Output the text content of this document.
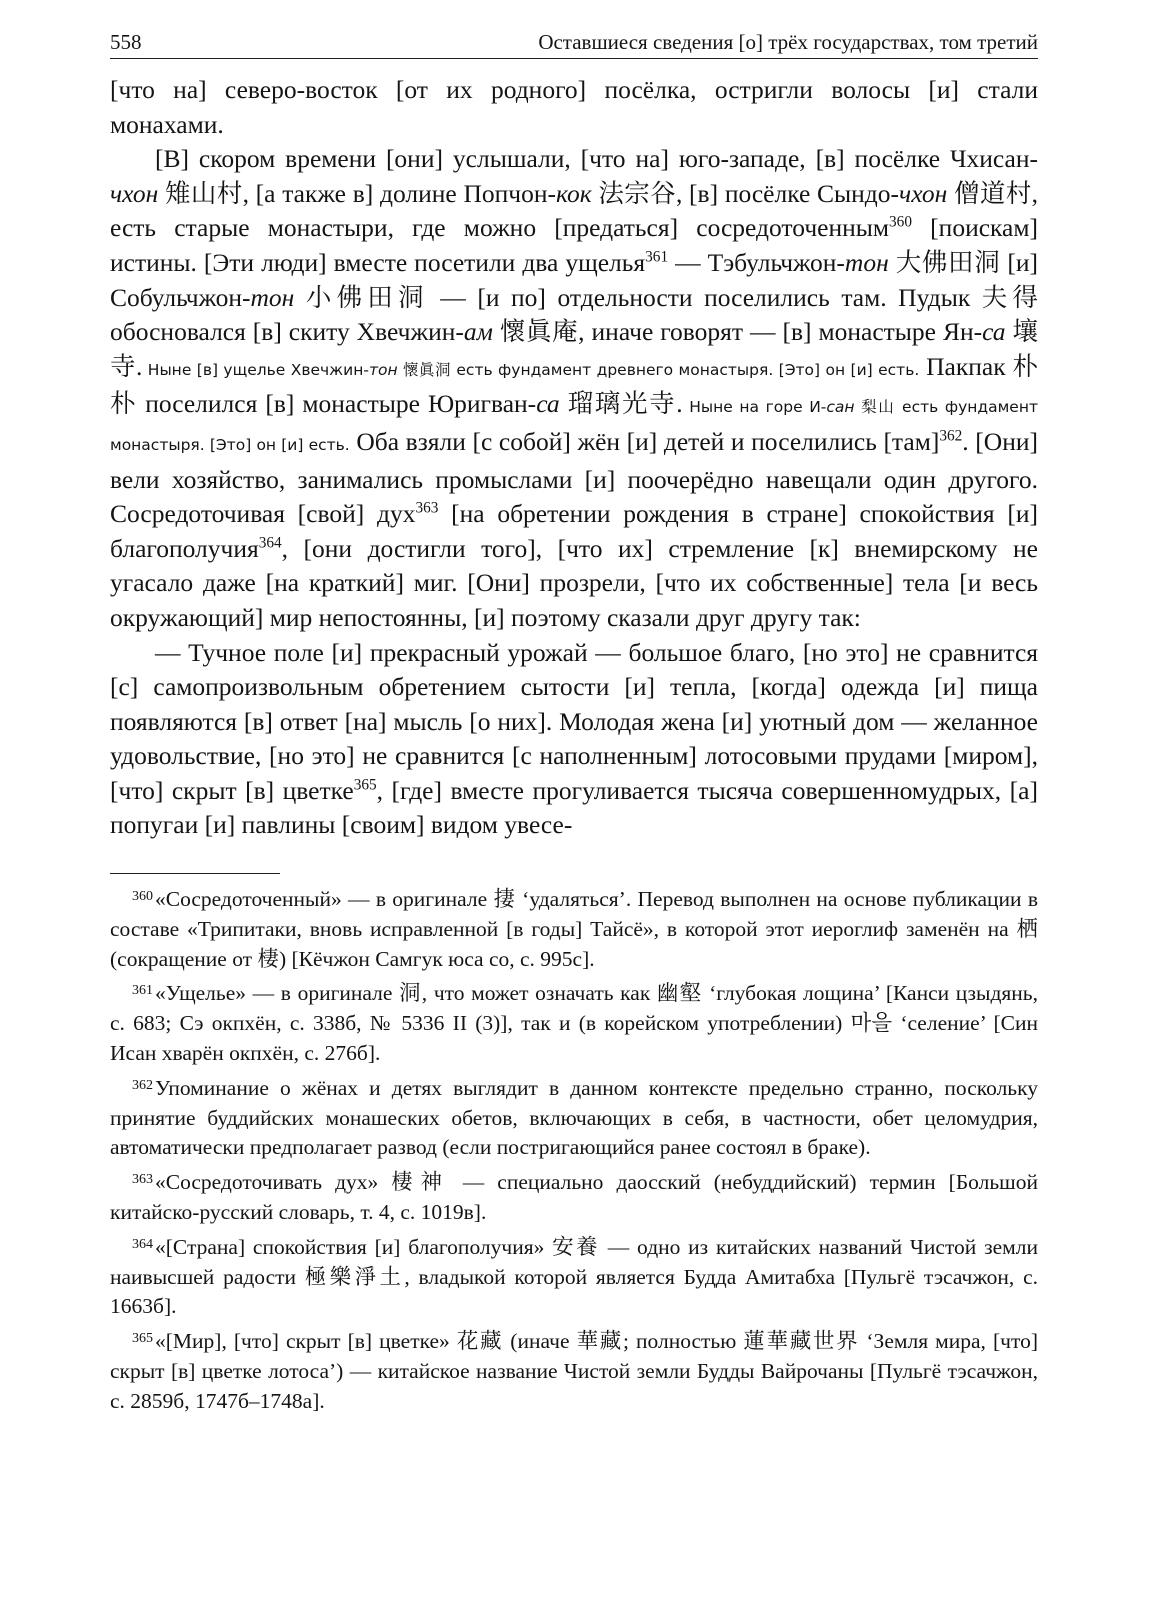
558	Оставшиеся сведения [о] трёх государствах, том третий

[что на] северо-восток [от их родного] посёлка, остригли волосы [и] стали монахами.

[В] скором времени [они] услышали, [что на] юго-западе, [в] посёлке Чхисан-чхон 雉山村, [а также в] долине Попчон-кок 法宗谷, [в] посёлке Сындо-чхон 僧道村, есть старые монастыри, где можно [предаться] сосредоточенным$^{360}$ [поискам] истины. [Эти люди] вместе посетили два ущелья$^{361}$ — Тэбульчжон-тон 大佛田洞 [и] Собульчжон-тон 小佛田洞 — [и по] отдельности поселились там. Пудык 夫得 обосновался [в] скиту Хвечжин-ам 懷眞庵, иначе говорят — [в] монастыре Ян-са 壤寺. Ныне [в] ущелье Хвечжин-тон 懷眞洞 есть фундамент древнего монастыря. [Это] он [и] есть. Пакпак 朴朴 поселился [в] монастыре Юригван-са 瑠璃光寺. Ныне на горе И-сан 梨山 есть фундамент монастыря. [Это] он [и] есть. Оба взяли [с собой] жён [и] детей и поселились [там]$^{362}$. [Они] вели хозяйство, занимались промыслами [и] поочерёдно навещали один другого. Сосредоточивая [свой] дух$^{363}$ [на обретении рождения в стране] спокойствия [и] благополучия$^{364}$, [они достигли того], [что их] стремление [к] внемирскому не угасало даже [на краткий] миг. [Они] прозрели, [что их собственные] тела [и весь окружающий] мир непостоянны, [и] поэтому сказали друг другу так:

— Тучное поле [и] прекрасный урожай — большое благо, [но это] не сравнится [с] самопроизвольным обретением сытости [и] тепла, [когда] одежда [и] пища появляются [в] ответ [на] мысль [о них]. Молодая жена [и] уютный дом — желанное удовольствие, [но это] не сравнится [с наполненным] лотосовыми прудами [миром], [что] скрыт [в] цветке$^{365}$, [где] вместе прогуливается тысяча совершенномудрых, [а] попугаи [и] павлины [своим] видом увесе-

$^{360}$«Сосредоточенный» — в оригинале 捿 ‘удаляться’. Перевод выполнен на основе публикации в составе «Трипитаки, вновь исправленной [в годы] Тайсё», в которой этот иероглиф заменён на 栖 (сокращение от 棲) [Кёчжон Самгук юса со, с. 995с].

$^{361}$«Ущелье» — в оригинале 洞, что может означать как 幽壑 ‘глубокая лощина’ [Канси цзыдянь, с. 683; Сэ окпхён, с. 338б, № 5336 II (3)], так и (в корейском употреблении) 마을 ‘селение’ [Син Исан хварён окпхён, с. 276б].

$^{362}$Упоминание о жёнах и детях выглядит в данном контексте предельно странно, поскольку принятие буддийских монашеских обетов, включающих в себя, в частности, обет целомудрия, автоматически предполагает развод (если постригающийся ранее состоял в браке).

$^{363}$«Сосредоточивать дух» 棲神 — специально даосский (небуддийский) термин [Большой китайско-русский словарь, т. 4, с. 1019в].

$^{364}$«[Страна] спокойствия [и] благополучия» 安養 — одно из китайских названий Чистой земли наивысшей радости 極樂淨土, владыкой которой является Будда Амитабха [Пульгё тэсачжон, с. 1663б].

$^{365}$«[Мир], [что] скрыт [в] цветке» 花藏 (иначе 華藏; полностью 蓮華藏世界 ‘Земля мира, [что] скрыт [в] цветке лотоса’) — китайское название Чистой земли Будды Вайрочаны [Пульгё тэсачжон, с. 2859б, 1747б–1748а].
